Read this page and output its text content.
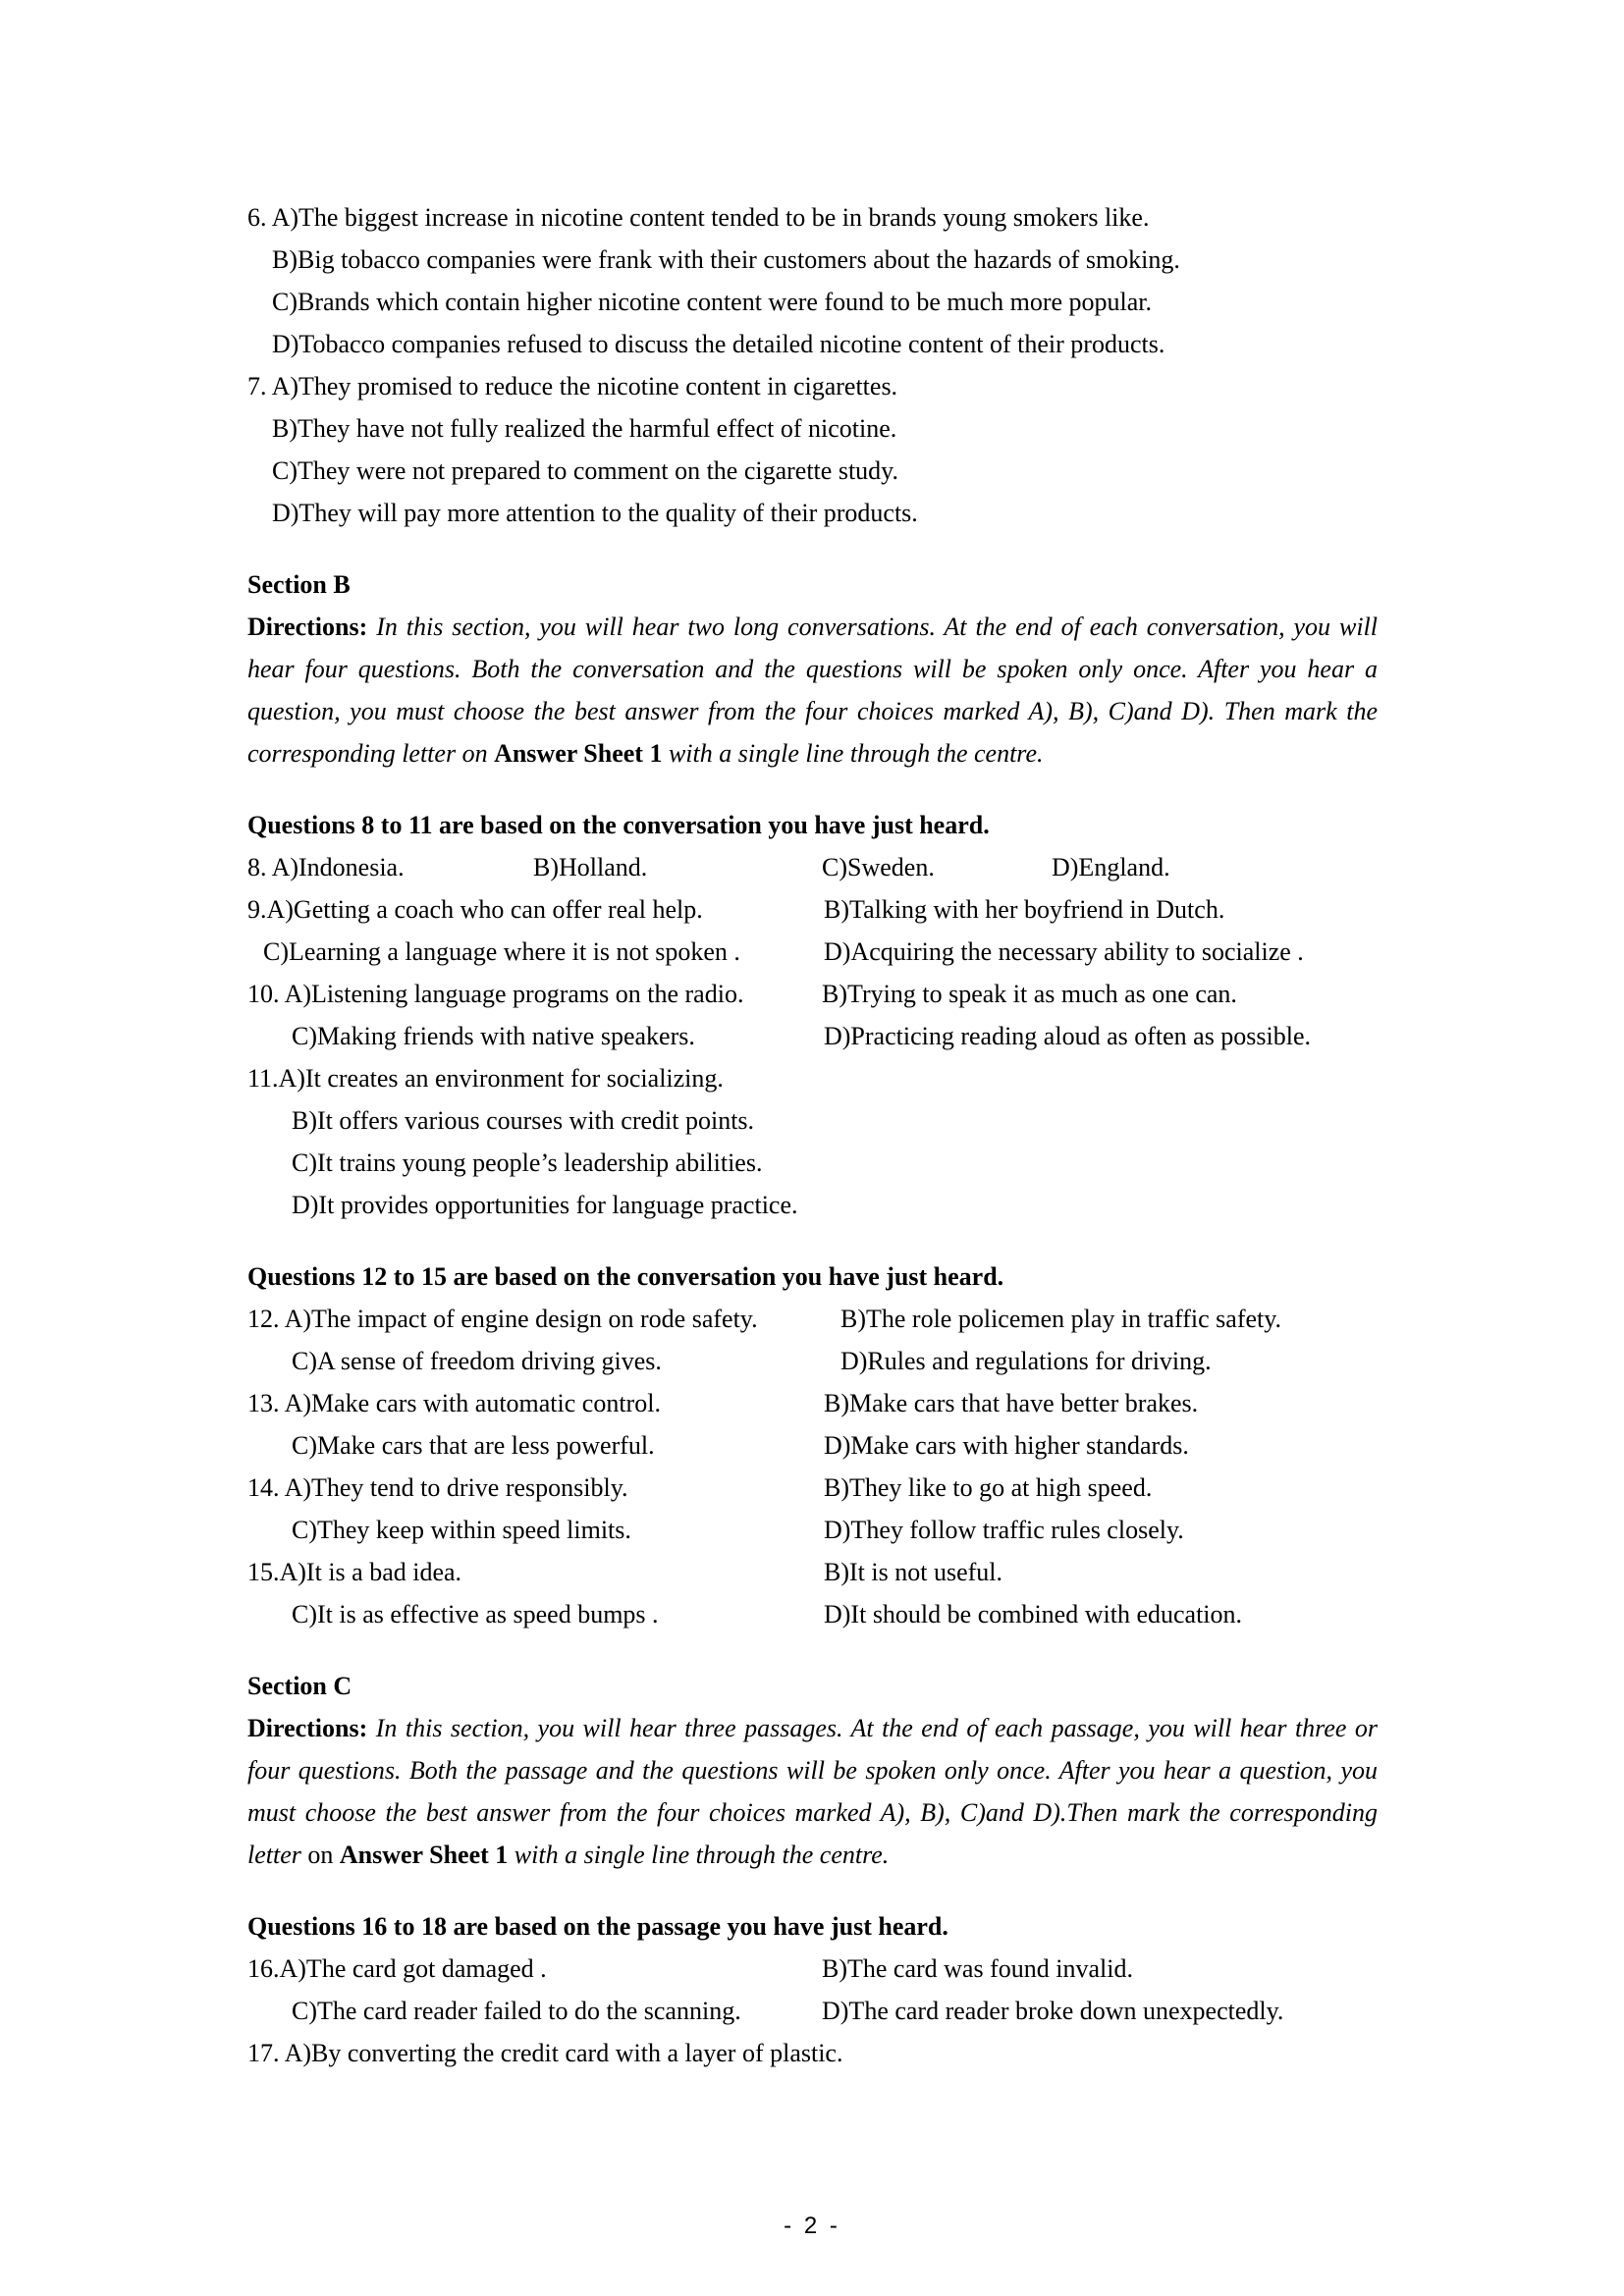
6. A)The biggest increase in nicotine content tended to be in brands young smokers like.
B)Big tobacco companies were frank with their customers about the hazards of smoking.
C)Brands which contain higher nicotine content were found to be much more popular.
D)Tobacco companies refused to discuss the detailed nicotine content of their products.
7. A)They promised to reduce the nicotine content in cigarettes.
B)They have not fully realized the harmful effect of nicotine.
C)They were not prepared to comment on the cigarette study.
D)They will pay more attention to the quality of their products.
Section B

Directions: In this section, you will hear two long conversations. At the end of each conversation, you will hear four questions. Both the conversation and the questions will be spoken only once. After you hear a question, you must choose the best answer from the four choices marked A), B), C)and D). Then mark the corresponding letter on Answer Sheet 1 with a single line through the centre.

Questions 8 to 11 are based on the conversation you have just heard.
8. A)Indonesia.	B)Holland.	C)Sweden.	D)England.
9.A)Getting a coach who can offer real help.	B)Talking with her boyfriend in Dutch.
C)Learning a language where it is not spoken .	D)Acquiring the necessary ability to socialize .
10. A)Listening language programs on the radio.	B)Trying to speak it as much as one can.
C)Making friends with native speakers.	D)Practicing reading aloud as often as possible.
11.A)It creates an environment for socializing.
B)It offers various courses with credit points.
C)It trains young people’s leadership abilities.
D)It provides opportunities for language practice.
Questions 12 to 15 are based on the conversation you have just heard.
12. A)The impact of engine design on rode safety.	B)The role policemen play in traffic safety.
C)A sense of freedom driving gives.	D)Rules and regulations for driving.
13. A)Make cars with automatic control.	B)Make cars that have better brakes.
C)Make cars that are less powerful.	D)Make cars with higher standards.
14. A)They tend to drive responsibly.	B)They like to go at high speed.
C)They keep within speed limits.	D)They follow traffic rules closely.
15.A)It is a bad idea.	B)It is not useful.
C)It is as effective as speed bumps .	D)It should be combined with education.
Section C

Directions: In this section, you will hear three passages. At the end of each passage, you will hear three or four questions. Both the passage and the questions will be spoken only once. After you hear a question, you must choose the best answer from the four choices marked A), B), C)and D).Then mark the corresponding letter on Answer Sheet 1 with a single line through the centre.

Questions 16 to 18 are based on the passage you have just heard.
16.A)The card got damaged .	B)The card was found invalid.
C)The card reader failed to do the scanning.	D)The card reader broke down unexpectedly.
17. A)By converting the credit card with a layer of plastic.
- 2 -
